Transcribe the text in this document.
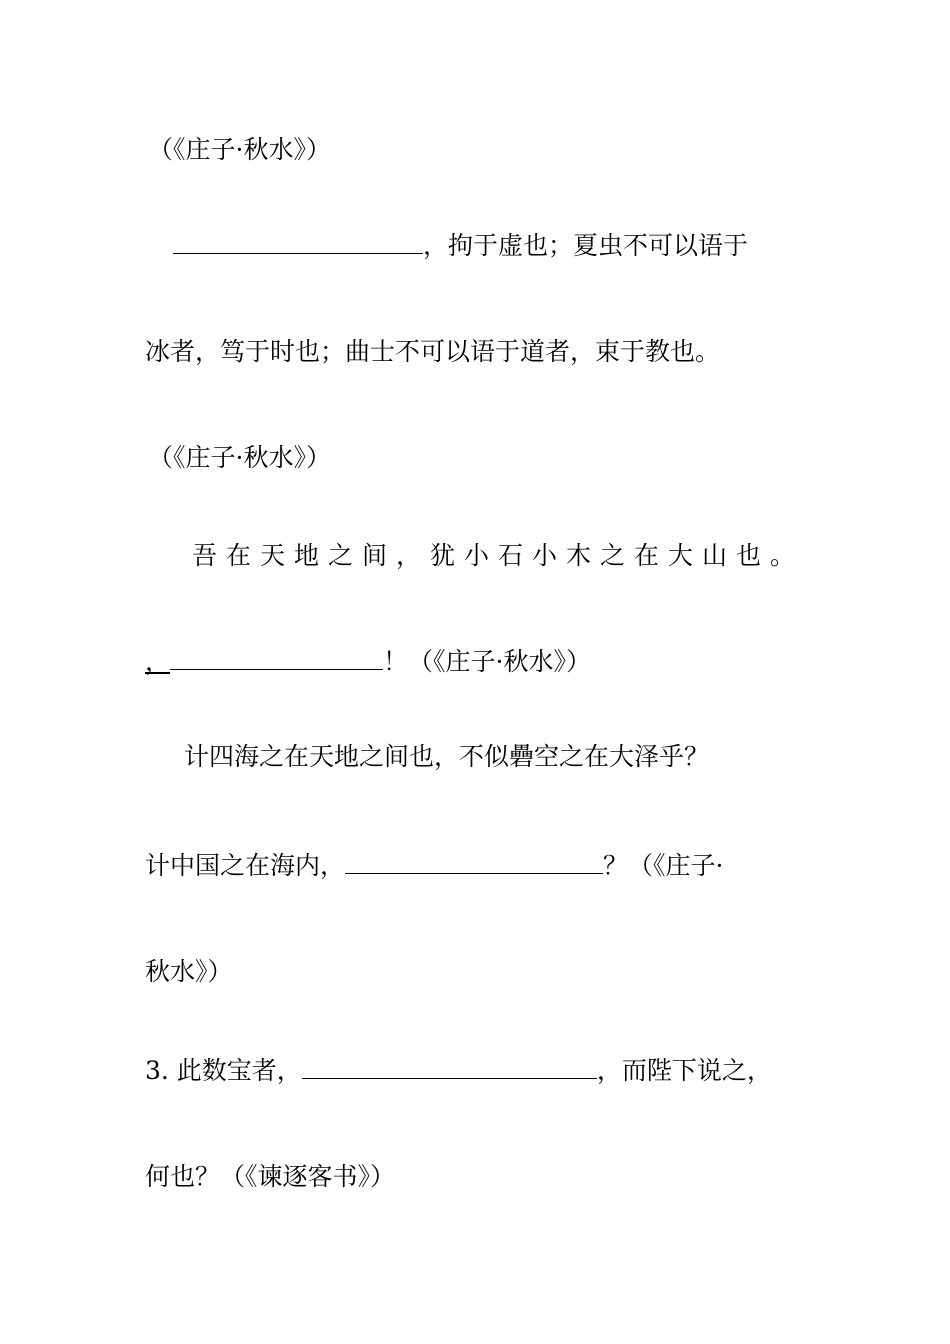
（《庄子·秋水》）
，拘于虚也；夏虫不可以语于
冰者，笃于时也；曲士不可以语于道者，束于教也。
（《庄子·秋水》）
吾在天地之间，犹小石小木之在大山也。
，	！（《庄子·秋水》）
计四海之在天地之间也，不似礨空之在大泽乎？
计中国之在海内，	？（《庄子·
秋水》）
3. 此数宝者，	，而陛下说之，
何也？（《谏逐客书》）
